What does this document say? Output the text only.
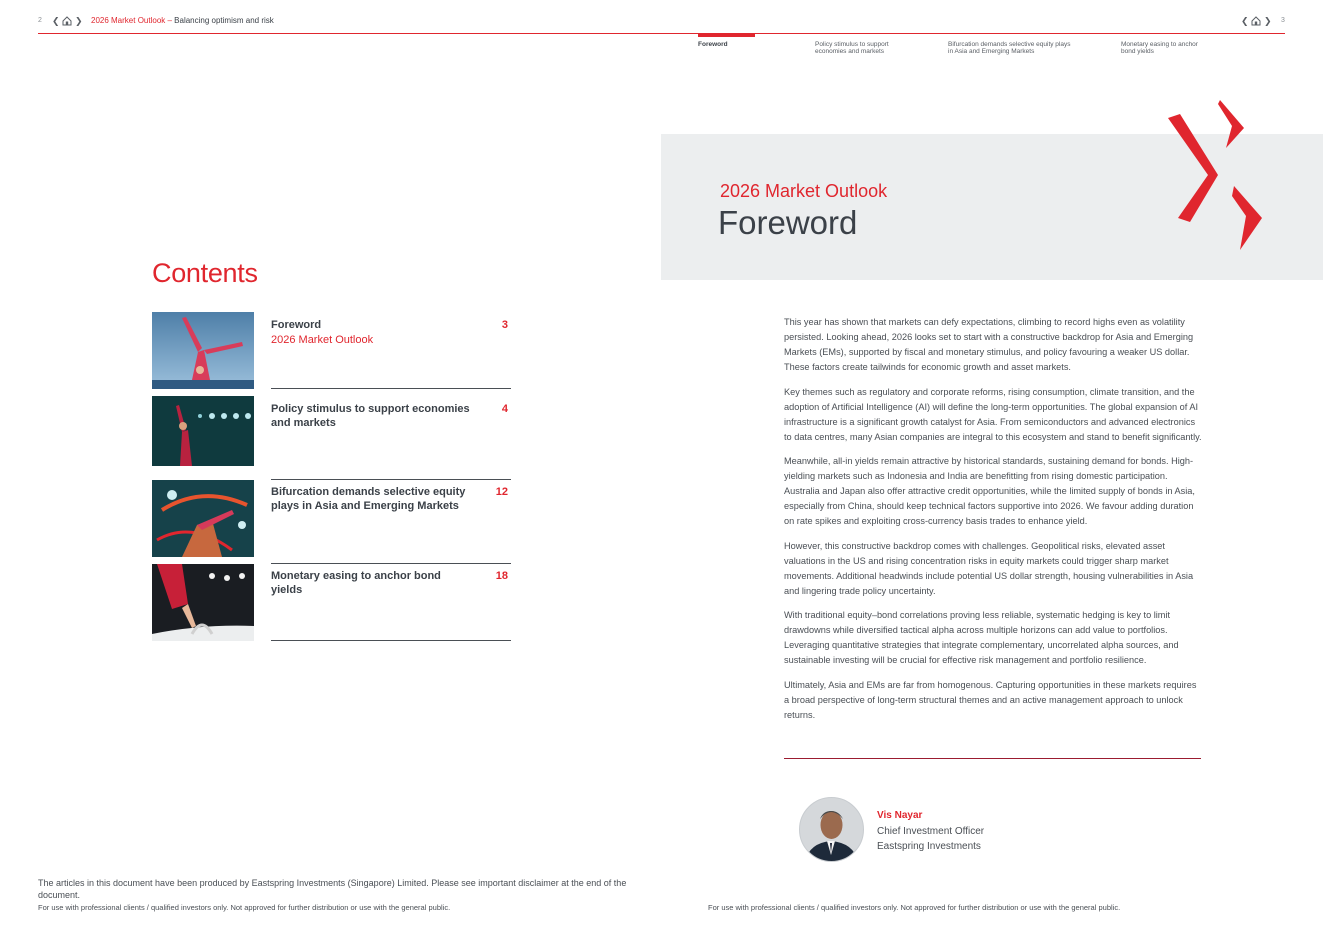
2 ❮ ❯ 2026 Market Outlook – Balancing optimism and risk	❮ ❯ 3
Foreword	Policy stimulus to support economies and markets
Bifurcation demands selective equity plays in Asia and Emerging Markets
Monetary easing to anchor bond yields
Contents
Foreword
2026 Market Outlook
3
Policy stimulus to support economies and markets
4
Bifurcation demands selective equity plays in Asia and Emerging Markets
12
Monetary easing to anchor bond yields
18
2026 Market Outlook
Foreword

This year has shown that markets can defy expectations, climbing to record highs even as volatility persisted. Looking ahead, 2026 looks set to start with a constructive backdrop for Asia and Emerging Markets (EMs), supported by fiscal and monetary stimulus, and policy favouring a weaker US dollar. These factors create tailwinds for economic growth and asset markets.

Key themes such as regulatory and corporate reforms, rising consumption, climate transition, and the adoption of Artificial Intelligence (AI) will define the long-term opportunities. The global expansion of AI infrastructure is a significant growth catalyst for Asia. From semiconductors and advanced electronics to data centres, many Asian companies are integral to this ecosystem and stand to benefit significantly.

Meanwhile, all-in yields remain attractive by historical standards, sustaining demand for bonds. High-yielding markets such as Indonesia and India are benefitting from rising domestic participation. Australia and Japan also offer attractive credit opportunities, while the limited supply of bonds in Asia, especially from China, should keep technical factors supportive into 2026. We favour adding duration on rate spikes and exploiting cross-currency basis trades to enhance yield.

However, this constructive backdrop comes with challenges. Geopolitical risks, elevated asset valuations in the US and rising concentration risks in equity markets could trigger sharp market movements. Additional headwinds include potential US dollar strength, housing vulnerabilities in Asia and lingering trade policy uncertainty.

With traditional equity–bond correlations proving less reliable, systematic hedging is key to limit drawdowns while diversified tactical alpha across multiple horizons can add value to portfolios. Leveraging quantitative strategies that integrate complementary, uncorrelated alpha sources, and sustainable investing will be crucial for effective risk management and portfolio resilience.

Ultimately, Asia and EMs are far from homogenous. Capturing opportunities in these markets requires a broad perspective of long-term structural themes and an active management approach to unlock returns.

Vis Nayar
Chief Investment Officer
Eastspring Investments
The articles in this document have been produced by Eastspring Investments (Singapore) Limited. Please see important disclaimer at the end of the document.
For use with professional clients / qualified investors only. Not approved for further distribution or use with the general public.	For use with professional clients / qualified investors only. Not approved for further distribution or use with the general public.
